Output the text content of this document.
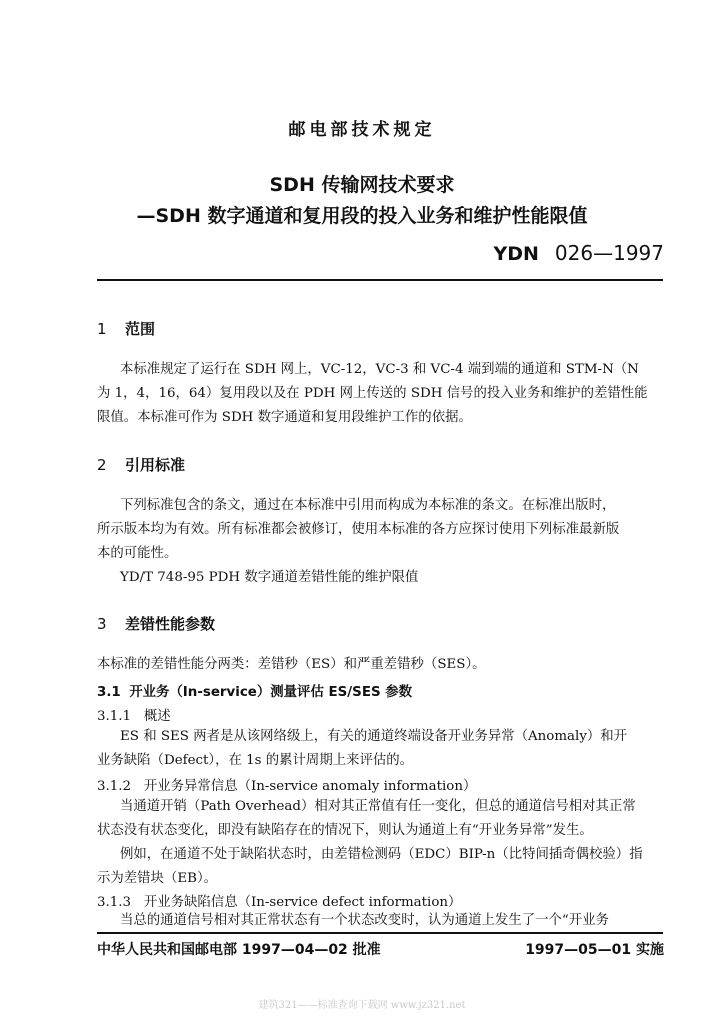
邮电部技术规定
SDH 传输网技术要求
—SDH 数字通道和复用段的投入业务和维护性能限值
YDN 026—1997
1 范围
本标准规定了运行在 SDH 网上，VC-12，VC-3 和 VC-4 端到端的通道和 STM-N（N
为 1，4，16，64）复用段以及在 PDH 网上传送的 SDH 信号的投入业务和维护的差错性能
限值。本标准可作为 SDH 数字通道和复用段维护工作的依据。
2 引用标准
下列标准包含的条文，通过在本标准中引用而构成为本标准的条文。在标准出版时，
所示版本均为有效。所有标准都会被修订，使用本标准的各方应探讨使用下列标准最新版
本的可能性。
YD/T 748-95 PDH 数字通道差错性能的维护限值
3 差错性能参数
本标准的差错性能分两类：差错秒（ES）和严重差错秒（SES）。
3.1 开业务（In-service）测量评估 ES/SES 参数
3.1.1 概述
ES 和 SES 两者是从该网络级上，有关的通道终端设备开业务异常（Anomaly）和开
业务缺陷（Defect），在 1s 的累计周期上来评估的。
3.1.2 开业务异常信息（In-service anomaly information）
当通道开销（Path Overhead）相对其正常值有任一变化，但总的通道信号相对其正常
状态没有状态变化，即没有缺陷存在的情况下，则认为通道上有“开业务异常”发生。
例如，在通道不处于缺陷状态时，由差错检测码（EDC）BIP-n（比特间插奇偶校验）指
示为差错块（EB）。
3.1.3 开业务缺陷信息（In-service defect information）
当总的通道信号相对其正常状态有一个状态改变时，认为通道上发生了一个“开业务
中华人民共和国邮电部 1997—04—02 批准	1997—05—01 实施
建筑321——标准查询下载网 www.jz321.net
